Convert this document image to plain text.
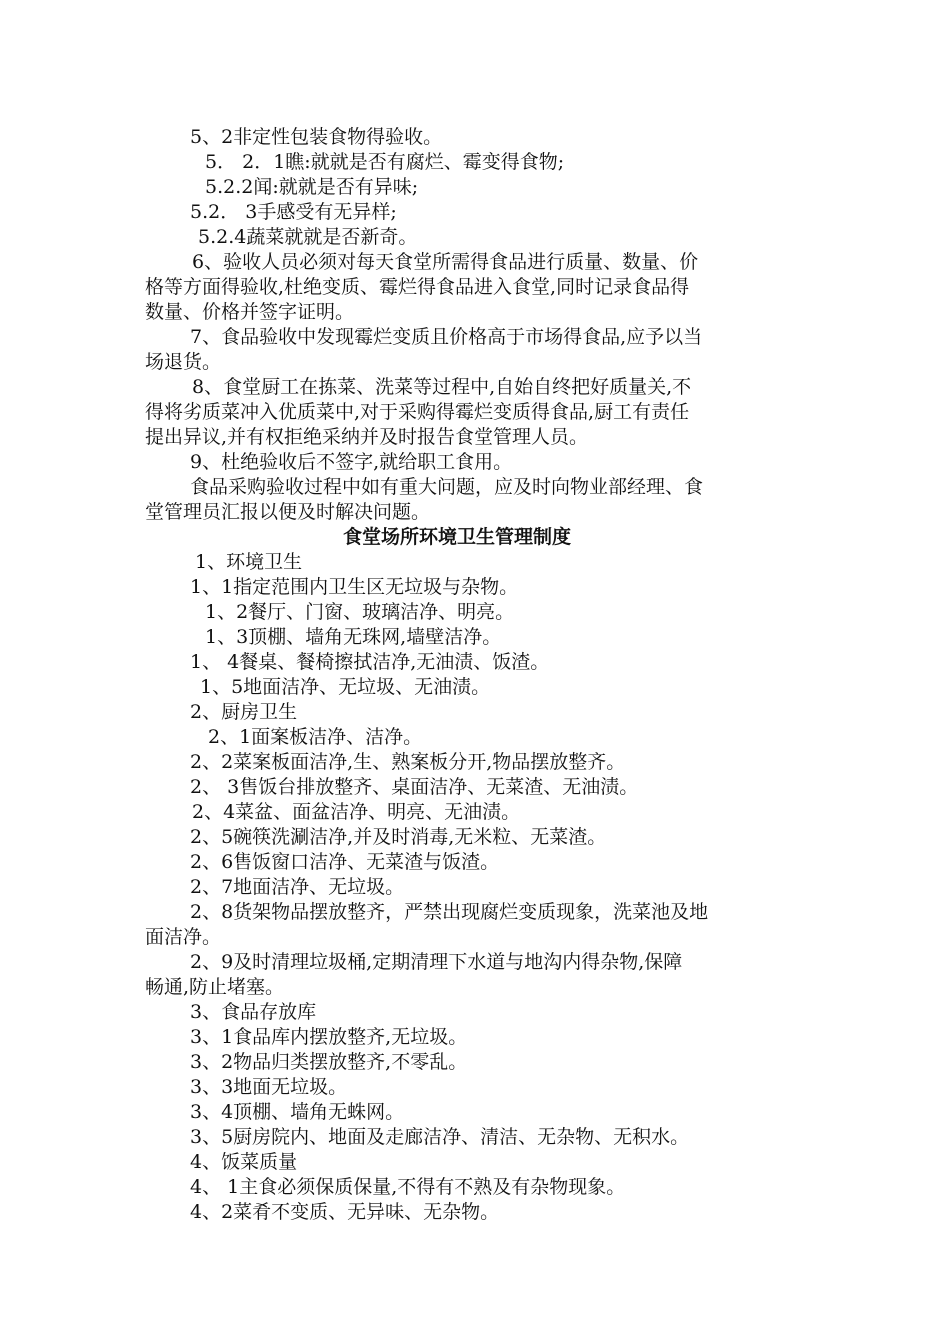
5、2非定性包装食物得验收。
5． 2．1瞧:就就是否有腐烂、霉变得食物;
5.2.2闻:就就是否有异味;
5.2． 3手感受有无异样;
5.2.4蔬菜就就是否新奇。
6、验收人员必须对每天食堂所需得食品进行质量、数量、价
格等方面得验收,杜绝变质、霉烂得食品进入食堂,同时记录食品得
数量、价格并签字证明。
7、食品验收中发现霉烂变质且价格高于市场得食品,应予以当
场退货。
8、食堂厨工在拣菜、洗菜等过程中,自始自终把好质量关,不
得将劣质菜冲入优质菜中,对于采购得霉烂变质得食品,厨工有责任
提出异议,并有权拒绝采纳并及时报告食堂管理人员。
9、杜绝验收后不签字,就给职工食用。
食品采购验收过程中如有重大问题，应及时向物业部经理、食
堂管理员汇报以便及时解决问题。
食堂场所环境卫生管理制度
1、环境卫生
1、1指定范围内卫生区无垃圾与杂物。
1、2餐厅、门窗、玻璃洁净、明亮。
1、3顶棚、墙角无珠网,墙壁洁净。
1、 4餐桌、餐椅擦拭洁净,无油渍、饭渣。
1、5地面洁净、无垃圾、无油渍。
2、厨房卫生
2、1面案板洁净、洁净。
2、2菜案板面洁净,生、熟案板分开,物品摆放整齐。
2、 3售饭台排放整齐、桌面洁净、无菜渣、无油渍。
2、4菜盆、面盆洁净、明亮、无油渍。
2、5碗筷洗涮洁净,并及时消毒,无米粒、无菜渣。
2、6售饭窗口洁净、无菜渣与饭渣。
2、7地面洁净、无垃圾。
2、8货架物品摆放整齐，严禁出现腐烂变质现象，洗菜池及地
面洁净。
2、9及时清理垃圾桶,定期清理下水道与地沟内得杂物,保障
畅通,防止堵塞。
3、食品存放库
3、1食品库内摆放整齐,无垃圾。
3、2物品归类摆放整齐,不零乱。
3、3地面无垃圾。
3、4顶棚、墙角无蛛网。
3、5厨房院内、地面及走廊洁净、清洁、无杂物、无积水。
4、饭菜质量
4、 1主食必须保质保量,不得有不熟及有杂物现象。
4、2菜肴不变质、无异味、无杂物。
